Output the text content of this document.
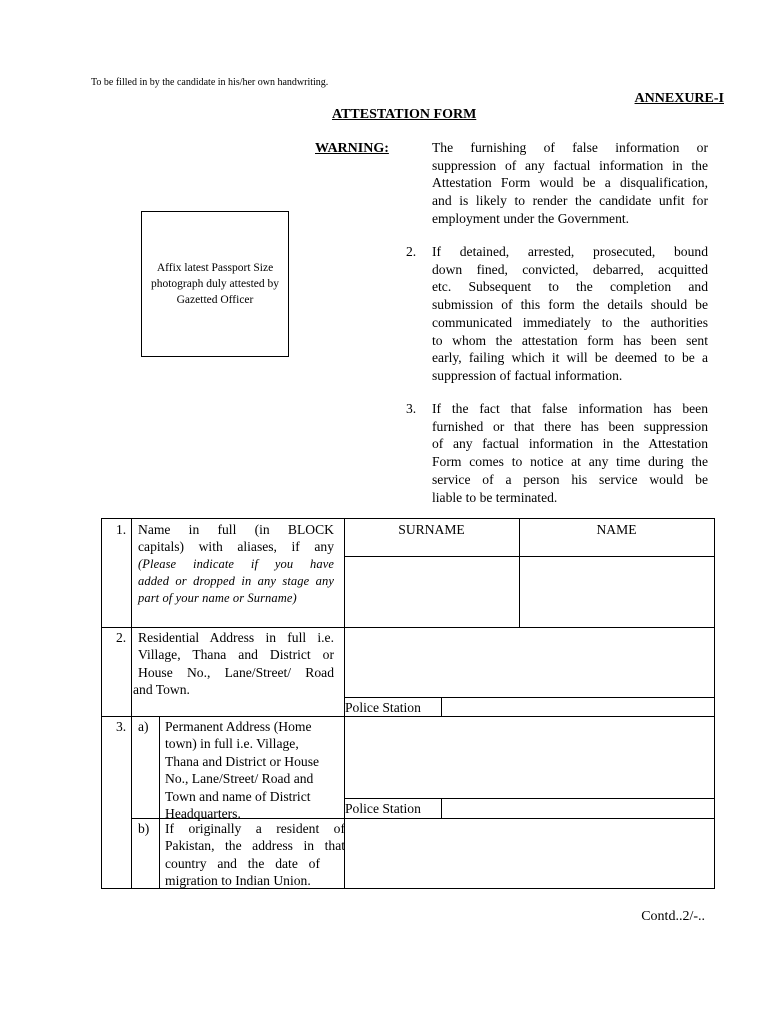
To be filled in by the candidate in his/her own handwriting.
ANNEXURE-I
ATTESTATION FORM
WARNING:	The furnishing of false information or
suppression of any factual information in the
Attestation Form would be a disqualification,
and is likely to render the candidate unfit for
employment under the Government.
2. If detained, arrested, prosecuted, bound
down fined, convicted, debarred, acquitted
etc. Subsequent to the completion and
submission of this form the details should be
communicated immediately to the authorities
to whom the attestation form has been sent
early, failing which it will be deemed to be a
suppression of factual information.
3. If the fact that false information has been
furnished or that there has been suppression
of any factual information in the Attestation
Form comes to notice at any time during the
service of a person his service would be
liable to be terminated.
Affix latest Passport Size photograph duly attested by Gazetted Officer
1. Name in full (in BLOCK
capitals) with aliases, if any
(Please indicate if you have
added or dropped in any stage any
part of your name or Surname)
SURNAME	NAME
2. Residential Address in full i.e.
Village, Thana and District or
House No., Lane/Street/ Road
and Town.
Police Station
3. a) Permanent Address (Home
town) in full i.e. Village,
Thana and District or House
No., Lane/Street/ Road and
Town and name of District
Headquarters.	Police Station
b) If originally a resident of
Pakistan, the address in that
country and the date of
migration to Indian Union.
Contd..2/-..
